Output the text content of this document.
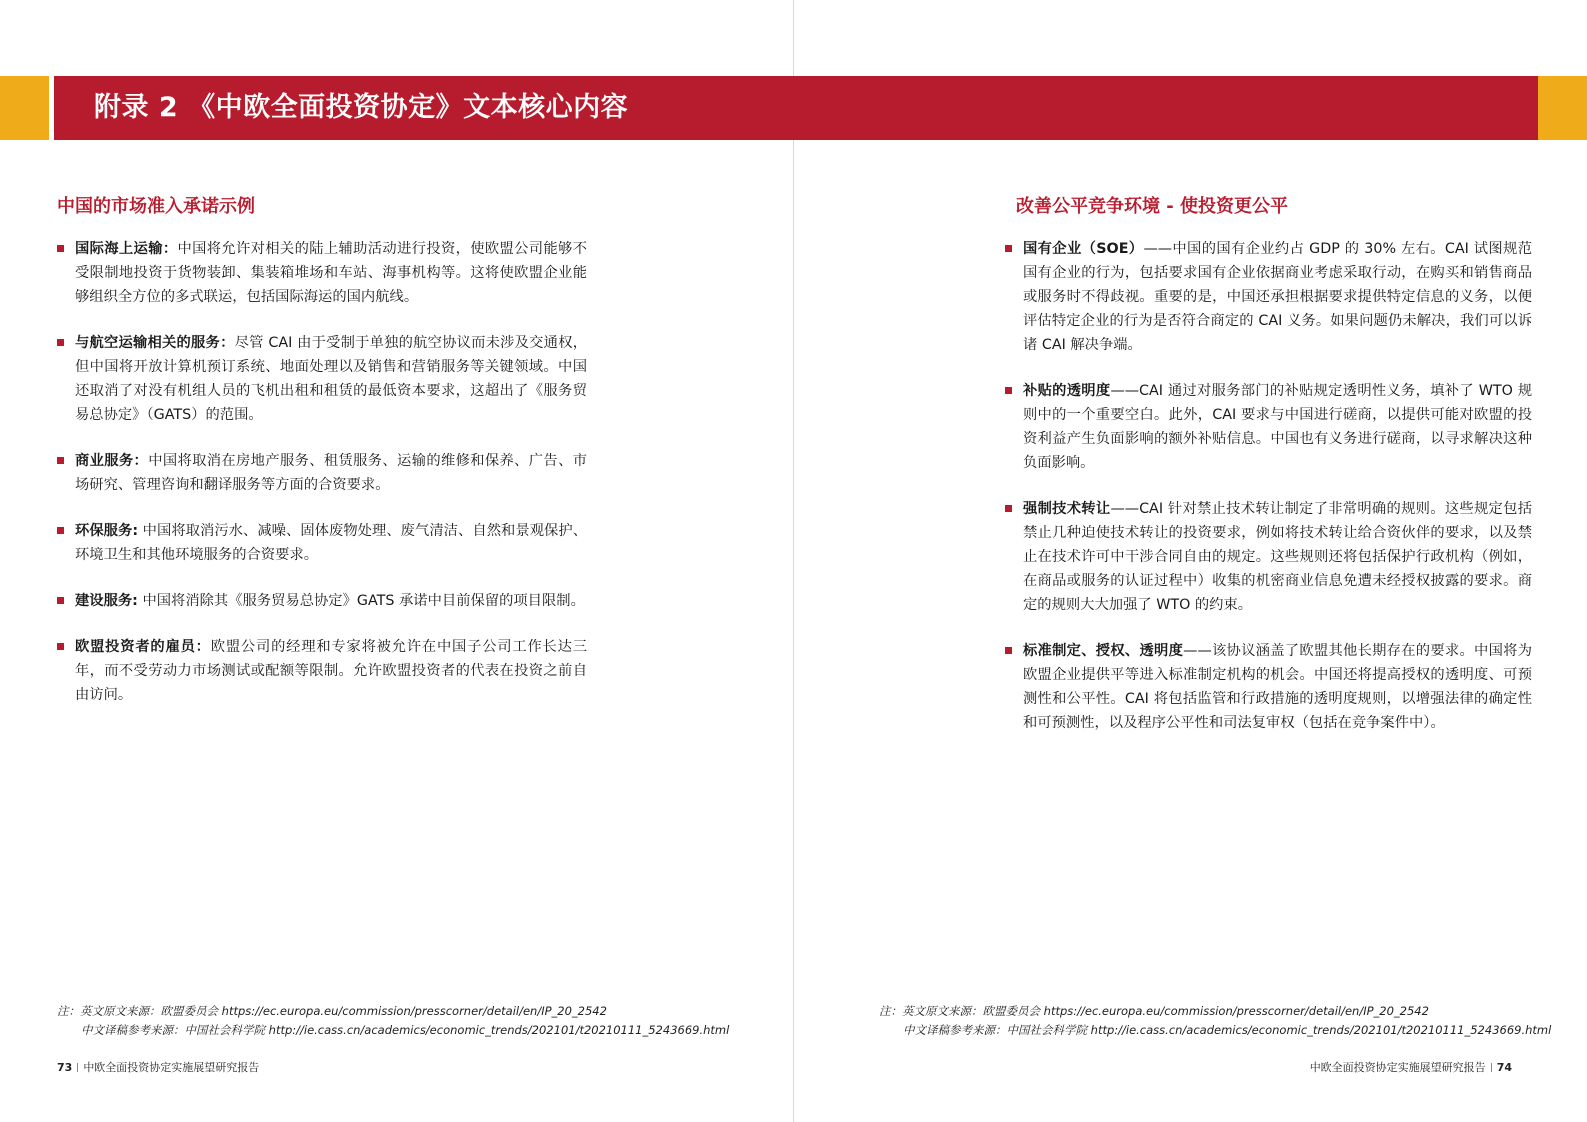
附录 2 《中欧全面投资协定》文本核心内容
中国的市场准入承诺示例
国际海上运输：中国将允许对相关的陆上辅助活动进行投资，使欧盟公司能够不受限制地投资于货物装卸、集装箱堆场和车站、海事机构等。这将使欧盟企业能够组织全方位的多式联运，包括国际海运的国内航线。
与航空运输相关的服务：尽管 CAI 由于受制于单独的航空协议而未涉及交通权，但中国将开放计算机预订系统、地面处理以及销售和营销服务等关键领域。中国还取消了对没有机组人员的飞机出租和租赁的最低资本要求，这超出了《服务贸易总协定》（GATS）的范围。
商业服务：中国将取消在房地产服务、租赁服务、运输的维修和保养、广告、市场研究、管理咨询和翻译服务等方面的合资要求。
环保服务: 中国将取消污水、减噪、固体废物处理、废气清洁、自然和景观保护、环境卫生和其他环境服务的合资要求。
建设服务: 中国将消除其《服务贸易总协定》GATS 承诺中目前保留的项目限制。
欧盟投资者的雇员：欧盟公司的经理和专家将被允许在中国子公司工作长达三年，而不受劳动力市场测试或配额等限制。允许欧盟投资者的代表在投资之前自由访问。
注：英文原文来源：欧盟委员会 https://ec.europa.eu/commission/presscorner/detail/en/IP_20_2542
中文译稿参考来源：中国社会科学院 http://ie.cass.cn/academics/economic_trends/202101/t20210111_5243669.html
73 中欧全面投资协定实施展望研究报告
改善公平竞争环境 - 使投资更公平
国有企业（SOE）——中国的国有企业约占 GDP 的 30% 左右。CAI 试图规范国有企业的行为，包括要求国有企业依据商业考虑采取行动，在购买和销售商品或服务时不得歧视。重要的是，中国还承担根据要求提供特定信息的义务，以便评估特定企业的行为是否符合商定的 CAI 义务。如果问题仍未解决，我们可以诉诸 CAI 解决争端。
补贴的透明度——CAI 通过对服务部门的补贴规定透明性义务，填补了 WTO 规则中的一个重要空白。此外，CAI 要求与中国进行磋商，以提供可能对欧盟的投资利益产生负面影响的额外补贴信息。中国也有义务进行磋商，以寻求解决这种负面影响。
强制技术转让——CAI 针对禁止技术转让制定了非常明确的规则。这些规定包括禁止几种迫使技术转让的投资要求，例如将技术转让给合资伙伴的要求，以及禁止在技术许可中干涉合同自由的规定。这些规则还将包括保护行政机构（例如，在商品或服务的认证过程中）收集的机密商业信息免遭未经授权披露的要求。商定的规则大大加强了 WTO 的约束。
标准制定、授权、透明度——该协议涵盖了欧盟其他长期存在的要求。中国将为欧盟企业提供平等进入标准制定机构的机会。中国还将提高授权的透明度、可预测性和公平性。CAI 将包括监管和行政措施的透明度规则，以增强法律的确定性和可预测性，以及程序公平性和司法复审权（包括在竞争案件中）。
注：英文原文来源：欧盟委员会 https://ec.europa.eu/commission/presscorner/detail/en/IP_20_2542
中文译稿参考来源：中国社会科学院 http://ie.cass.cn/academics/economic_trends/202101/t20210111_5243669.html
中欧全面投资协定实施展望研究报告 74
